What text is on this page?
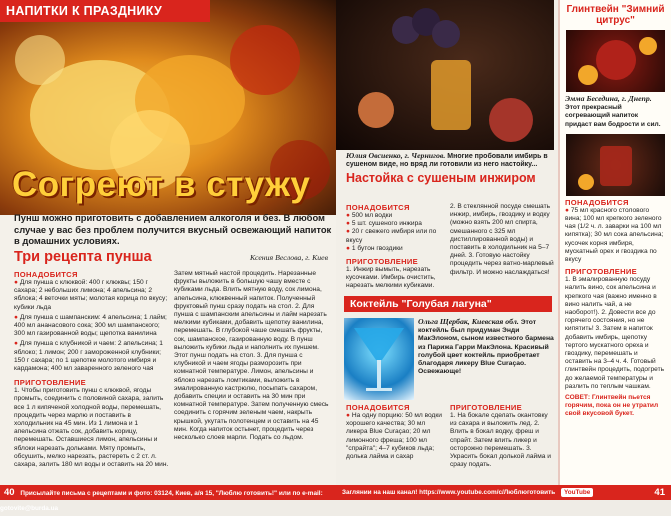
НАПИТКИ К ПРАЗДНИКУ
Согреют в стужу
Пунш можно приготовить с добавлением алкоголя и без. В любом случае у вас без проблем получится вкусный освежающий напиток в домашних условиях.
Три рецепта пунша	Ксения Веслова, г. Киев
ПОНАДОБИТСЯ
● Для пунша с клюквой: 400 г клюквы; 150 г сахара; 2 небольших лимона; 4 апельсина; 2 яблока; 4 веточки мяты; молотая корица по вкусу; кубики льда
● Для пунша с шампанским: 4 апельсина; 1 лайм; 400 мл ананасового сока; 300 мл шампанского; 300 мл газированной воды; щепотка ванилина
● Для пунша с клубникой и чаем: 2 апельсина; 1 яблоко; 1 лимон; 200 г замороженной клубники; 150 г сахара; по 1 щепотке молотого имбиря и кардамона; 400 мл заваренного зеленого чая
ПРИГОТОВЛЕНИЕ
1. Чтобы приготовить пунш с клюквой, ягоды промыть, соединить с половиной сахара, залить все 1 л кипяченой холодной воды, перемешать, процедить через марлю и поставить в холодильник на 45 мин. Из 1 лимона и 1 апельсина отжать сок, добавить корицу, перемешать. Оставшиеся лимон, апельсины и яблоки нарезать дольками. Мяту промыть, обсушить, мелко нарезать, растереть с 2 ст. л. сахара, залить 180 мл воды и оставить на 20 мин.
Затем мятный настой процедить. Нарезанные фрукты выложить в большую чашу вместе с кубиками льда. Влить мятную воду, сок лимона, апельсина, клюквенный напиток. Полученный фруктовый пунш сразу подать на стол. 2. Для пунша с шампанским апельсины и лайм нарезать мелкими кубиками, добавить щепотку ванилина, перемешать. В глубокой чаше смешать фрукты, сок, шампанское, газированную воду. В пунш выложить кубики льда и наполнить их пуншем. Этот пунш подать на стол. 3. Для пунша с клубникой и чаем ягоды разморозить при комнатной температуре. Лимон, апельсины и яблоко нарезать ломтиками, выложить в эмалированную кастрюлю, посыпать сахаром, добавить специи и оставить на 30 мин при комнатной температуре. Затем полученную смесь соединить с горячим зеленым чаем, накрыть крышкой, укутать полотенцем и оставить на 45 мин. Когда напиток остынет, процедить через несколько слоев марли. Подать со льдом.
40 Присылайте письма с рецептами и фото: 03124, Киев, а/я 15, "Люблю готовить!" или по e-mail: gotovite@burda.ua
Юлия Овсиенко, г. Чернигов. Многие пробовали имбирь в сушеном виде, но вряд ли готовили из него настойку...
Настойка с сушеным инжиром
ПОНАДОБИТСЯ
● 500 мл водки
● 5 шт. сушеного инжира
● 20 г свежего имбиря или по вкусу
● 1 бутон гвоздики
ПРИГОТОВЛЕНИЕ
1. Инжир вымыть, нарезать кусочками. Имбирь очистить, нарезать мелкими кубиками.
2. В стеклянной посуде смешать инжир, имбирь, гвоздику и водку (можно взять 200 мл спирта, смешанного с 325 мл дистиллированной воды) и поставить в холодильник на 5–7 дней. 3. Готовую настойку процедить через ватно-марлевый фильтр. И можно наслаждаться!
Коктейль "Голубая лагуна"
Ольга Щербак, Киевская обл. Этот коктейль был придуман Энди МакЭлоном, сыном известного бармена из Парижа Гарри МакЭлона. Красивый голубой цвет коктейль приобретает благодаря ликеру Blue Curaçao. Освежающе!
ПОНАДОБИТСЯ
● На одну порцию: 50 мл водки хорошего качества; 30 мл ликера Blue Curaçao; 20 мл лимонного фреша; 100 мл "спрайта"; 4–7 кубиков льда; долька лайма и сахар
ПРИГОТОВЛЕНИЕ
1. На бокале сделать окантовку из сахара и выложить лед. 2. Влить в бокал водку, фреш и спрайт. Затем влить ликер и осторожно перемешать. 3. Украсить бокал долькой лайма и сразу подать.
Глинтвейн "Зимний цитрус"
Эмма Беседина, г. Днепр. Этот прекрасный согревающий напиток придаст вам бодрости и сил.
ПОНАДОБИТСЯ
● 75 мл красного столового вина; 100 мл крепкого зеленого чая (1/2 ч. л. заварки на 100 мл кипятка); 30 мл сока апельсина; кусочек корня имбиря, мускатный орех и гвоздика по вкусу
ПРИГОТОВЛЕНИЕ
1. В эмалированную посуду налить вино, сок апельсина и крепкого чая (важно именно в вино налить чай, а не наоборот!). 2. Довести все до горячего состояния, но не кипятить! 3. Затем в напиток добавить имбирь, щепотку тертого мускатного ореха и гвоздику, перемешать и оставить на 3–4 ч. 4. Готовый глинтвейн процедить, подогреть до желаемой температуры и разлить по теплым чашкам.
СОВЕТ: Глинтвейн пьется горячим, пока он не утратил свой вкусовой букет.
Заглянии на наш канал! https://www.youtube.com/c/Люблюготовить YouTube	41
